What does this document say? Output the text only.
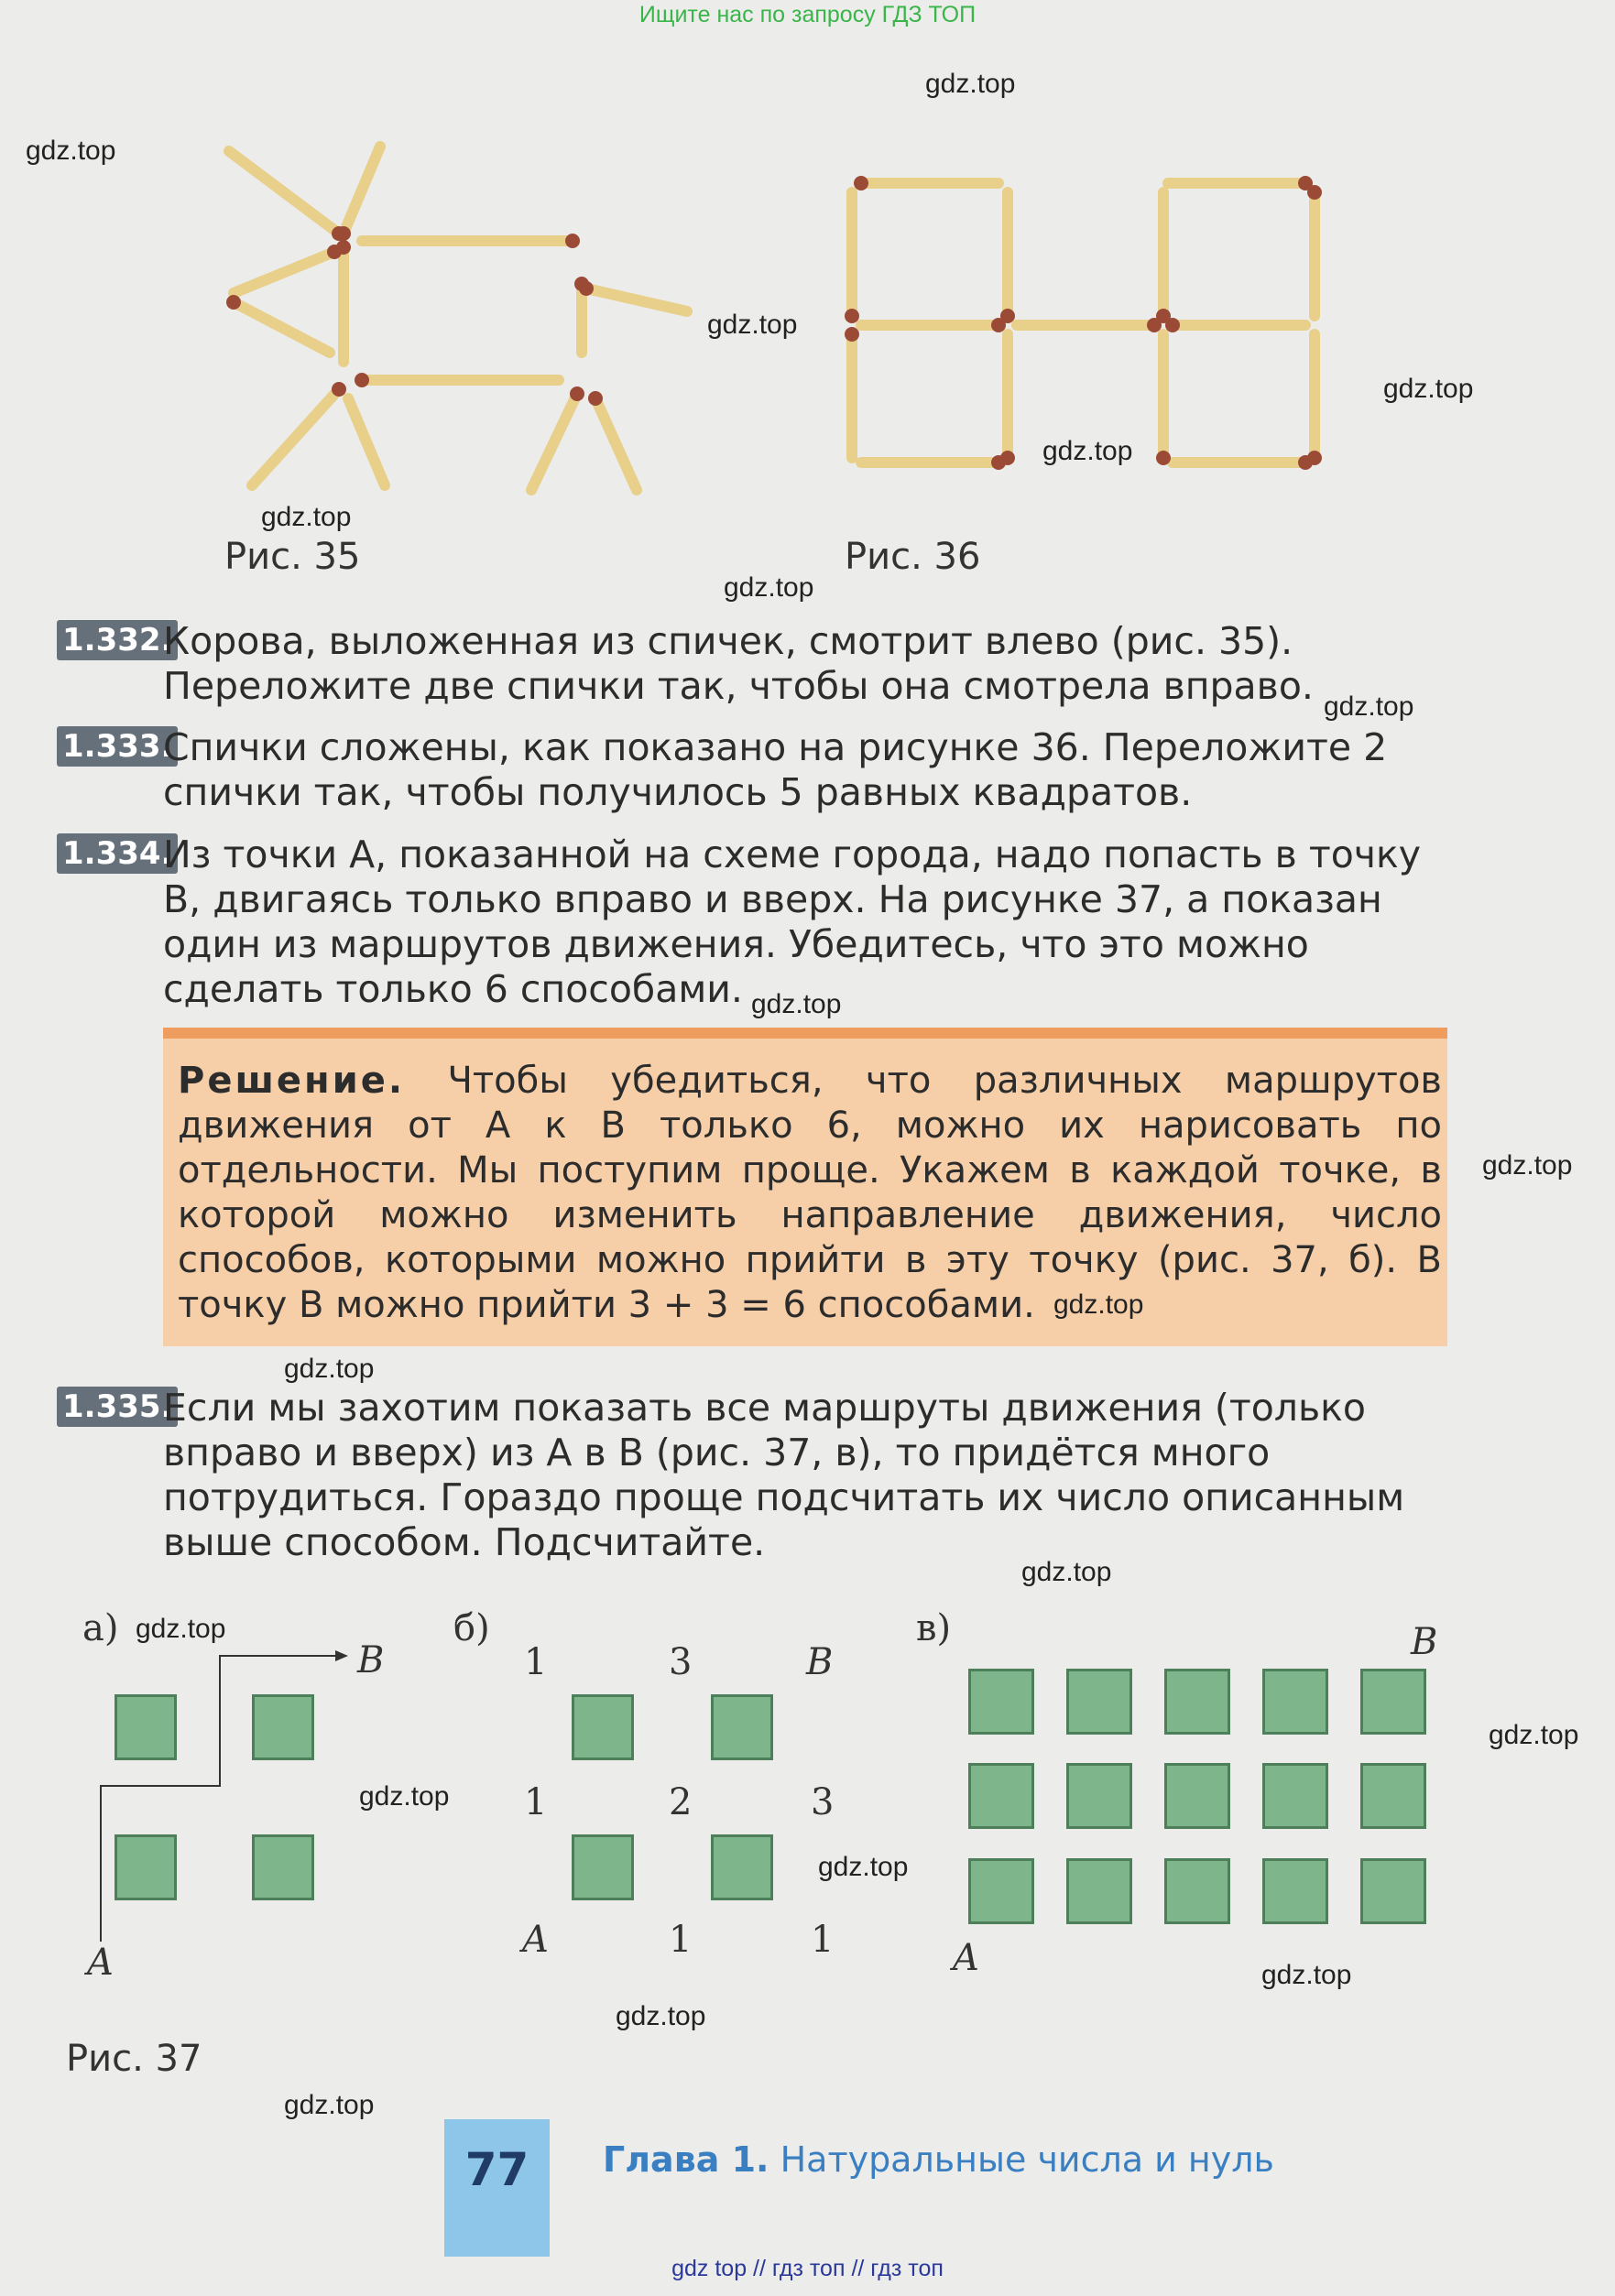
Ищите нас по запросу ГДЗ ТОП
Рис. 35	Рис. 36
1.332.
Корова, выложенная из спичек, смотрит влево (рис. 35). Переложите две спички так, чтобы она смотрела вправо.
1.333.
Спички сложены, как показано на рисунке 36. Переложите 2 спички так, чтобы получилось 5 равных квадратов.
1.334.
Из точки A, показанной на схеме города, надо попасть в точку B, двигаясь только вправо и вверх. На рисунке 37, а показан один из маршрутов движения. Убедитесь, что это можно сделать только 6 способами.
Решение. Чтобы убедиться, что различных маршрутов движения от A к B только 6, можно их нарисовать по отдельности. Мы поступим проще. Укажем в каждой точке, в которой можно изменить направление движения, число способов, которыми можно прийти в эту точку (рис. 37, б). В точку B можно прийти 3 + 3 = 6 способами.
1.335.
Если мы захотим показать все маршруты движения (только вправо и вверх) из A в B (рис. 37, в), то придётся много потрудиться. Гораздо проще подсчитать их число описанным выше способом. Подсчитайте.
а)
B
A
б)
1	3	B
1	2	3
A	1	1
в)	B
A
Рис. 37
77	Глава 1. Натуральные числа и нуль
gdz.top
gdz.top
gdz.top
gdz.top
gdz.top
gdz.top
gdz.top
gdz.top
gdz.top
gdz.top
gdz.top
gdz.top
gdz.top
gdz.top
gdz.top
gdz.top
gdz.top
gdz.top
gdz.top
gdz.top
gdz top // гдз топ // гдз топ
